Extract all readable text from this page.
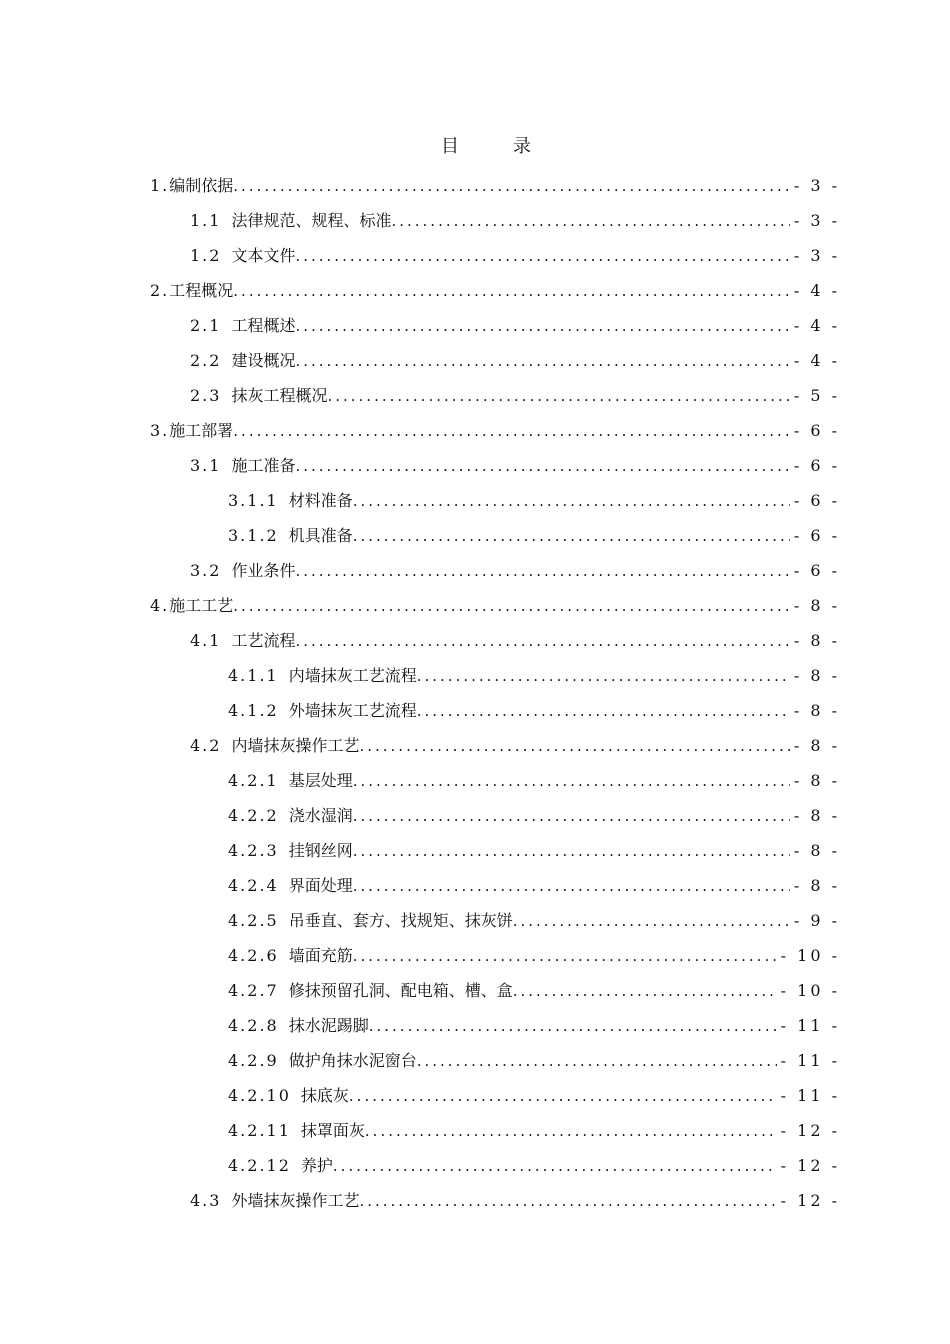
目　录
1. 编制依据 .....	- 3 -
1.1 法律规范、规程、标准 .....	- 3 -
1.2 文本文件 .....	- 3 -
2. 工程概况 .....	- 4 -
2.1 工程概述 .....	- 4 -
2.2 建设概况 .....	- 4 -
2.3 抹灰工程概况 .....	- 5 -
3. 施工部署 .....	- 6 -
3.1 施工准备 .....	- 6 -
3.1.1 材料准备 .....	- 6 -
3.1.2 机具准备 .....	- 6 -
3.2 作业条件 .....	- 6 -
4. 施工工艺 .....	- 8 -
4.1 工艺流程 .....	- 8 -
4.1.1 内墙抹灰工艺流程 .....	- 8 -
4.1.2 外墙抹灰工艺流程 .....	- 8 -
4.2 内墙抹灰操作工艺 .....	- 8 -
4.2.1 基层处理 .....	- 8 -
4.2.2 浇水湿润 .....	- 8 -
4.2.3 挂钢丝网 .....	- 8 -
4.2.4 界面处理 .....	- 8 -
4.2.5 吊垂直、套方、找规矩、抹灰饼 .....	- 9 -
4.2.6 墙面充筋 .....	- 10 -
4.2.7 修抹预留孔洞、配电箱、槽、盒 .....	- 10 -
4.2.8 抹水泥踢脚 .....	- 11 -
4.2.9 做护角抹水泥窗台 .....	- 11 -
4.2.10 抹底灰 .....	- 11 -
4.2.11 抹罩面灰 .....	- 12 -
4.2.12 养护 .....	- 12 -
4.3 外墙抹灰操作工艺 .....	- 12 -
